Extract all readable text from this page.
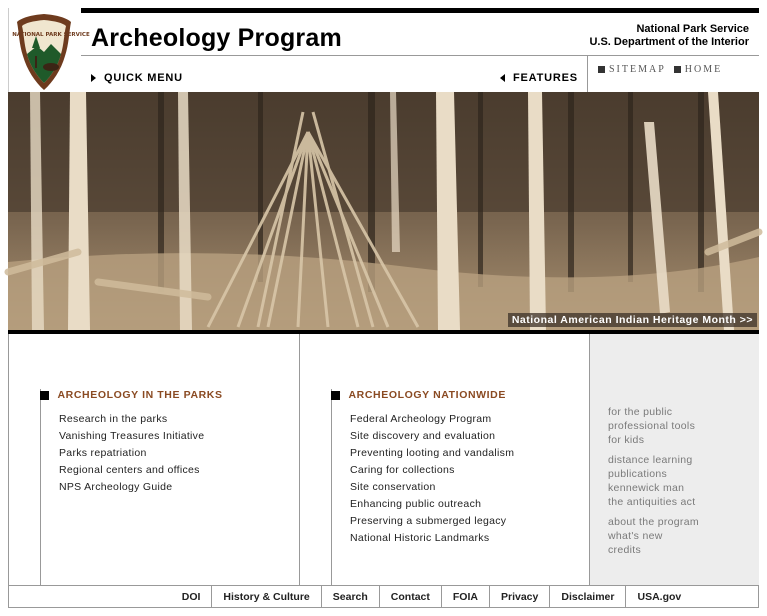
NATIONAL PARK SERVICE Archeology Program	National Park Service
U.S. Department of the Interior
QUICK MENU	FEATURES
SITEMAP HOME
National American Indian Heritage Month >>
ARCHEOLOGY IN THE PARKS
Research in the parks
Vanishing Treasures Initiative
Parks repatriation
Regional centers and offices
NPS Archeology Guide
ARCHEOLOGY NATIONWIDE
Federal Archeology Program
Site discovery and evaluation
Preventing looting and vandalism
Caring for collections
Site conservation
Enhancing public outreach
Preserving a submerged legacy
National Historic Landmarks
for the public
professional tools
for kids
distance learning
publications
kennewick man
the antiquities act
about the program
what's new
credits
DOI	History & Culture	Search	Contact	FOIA	Privacy	Disclaimer	USA.gov
